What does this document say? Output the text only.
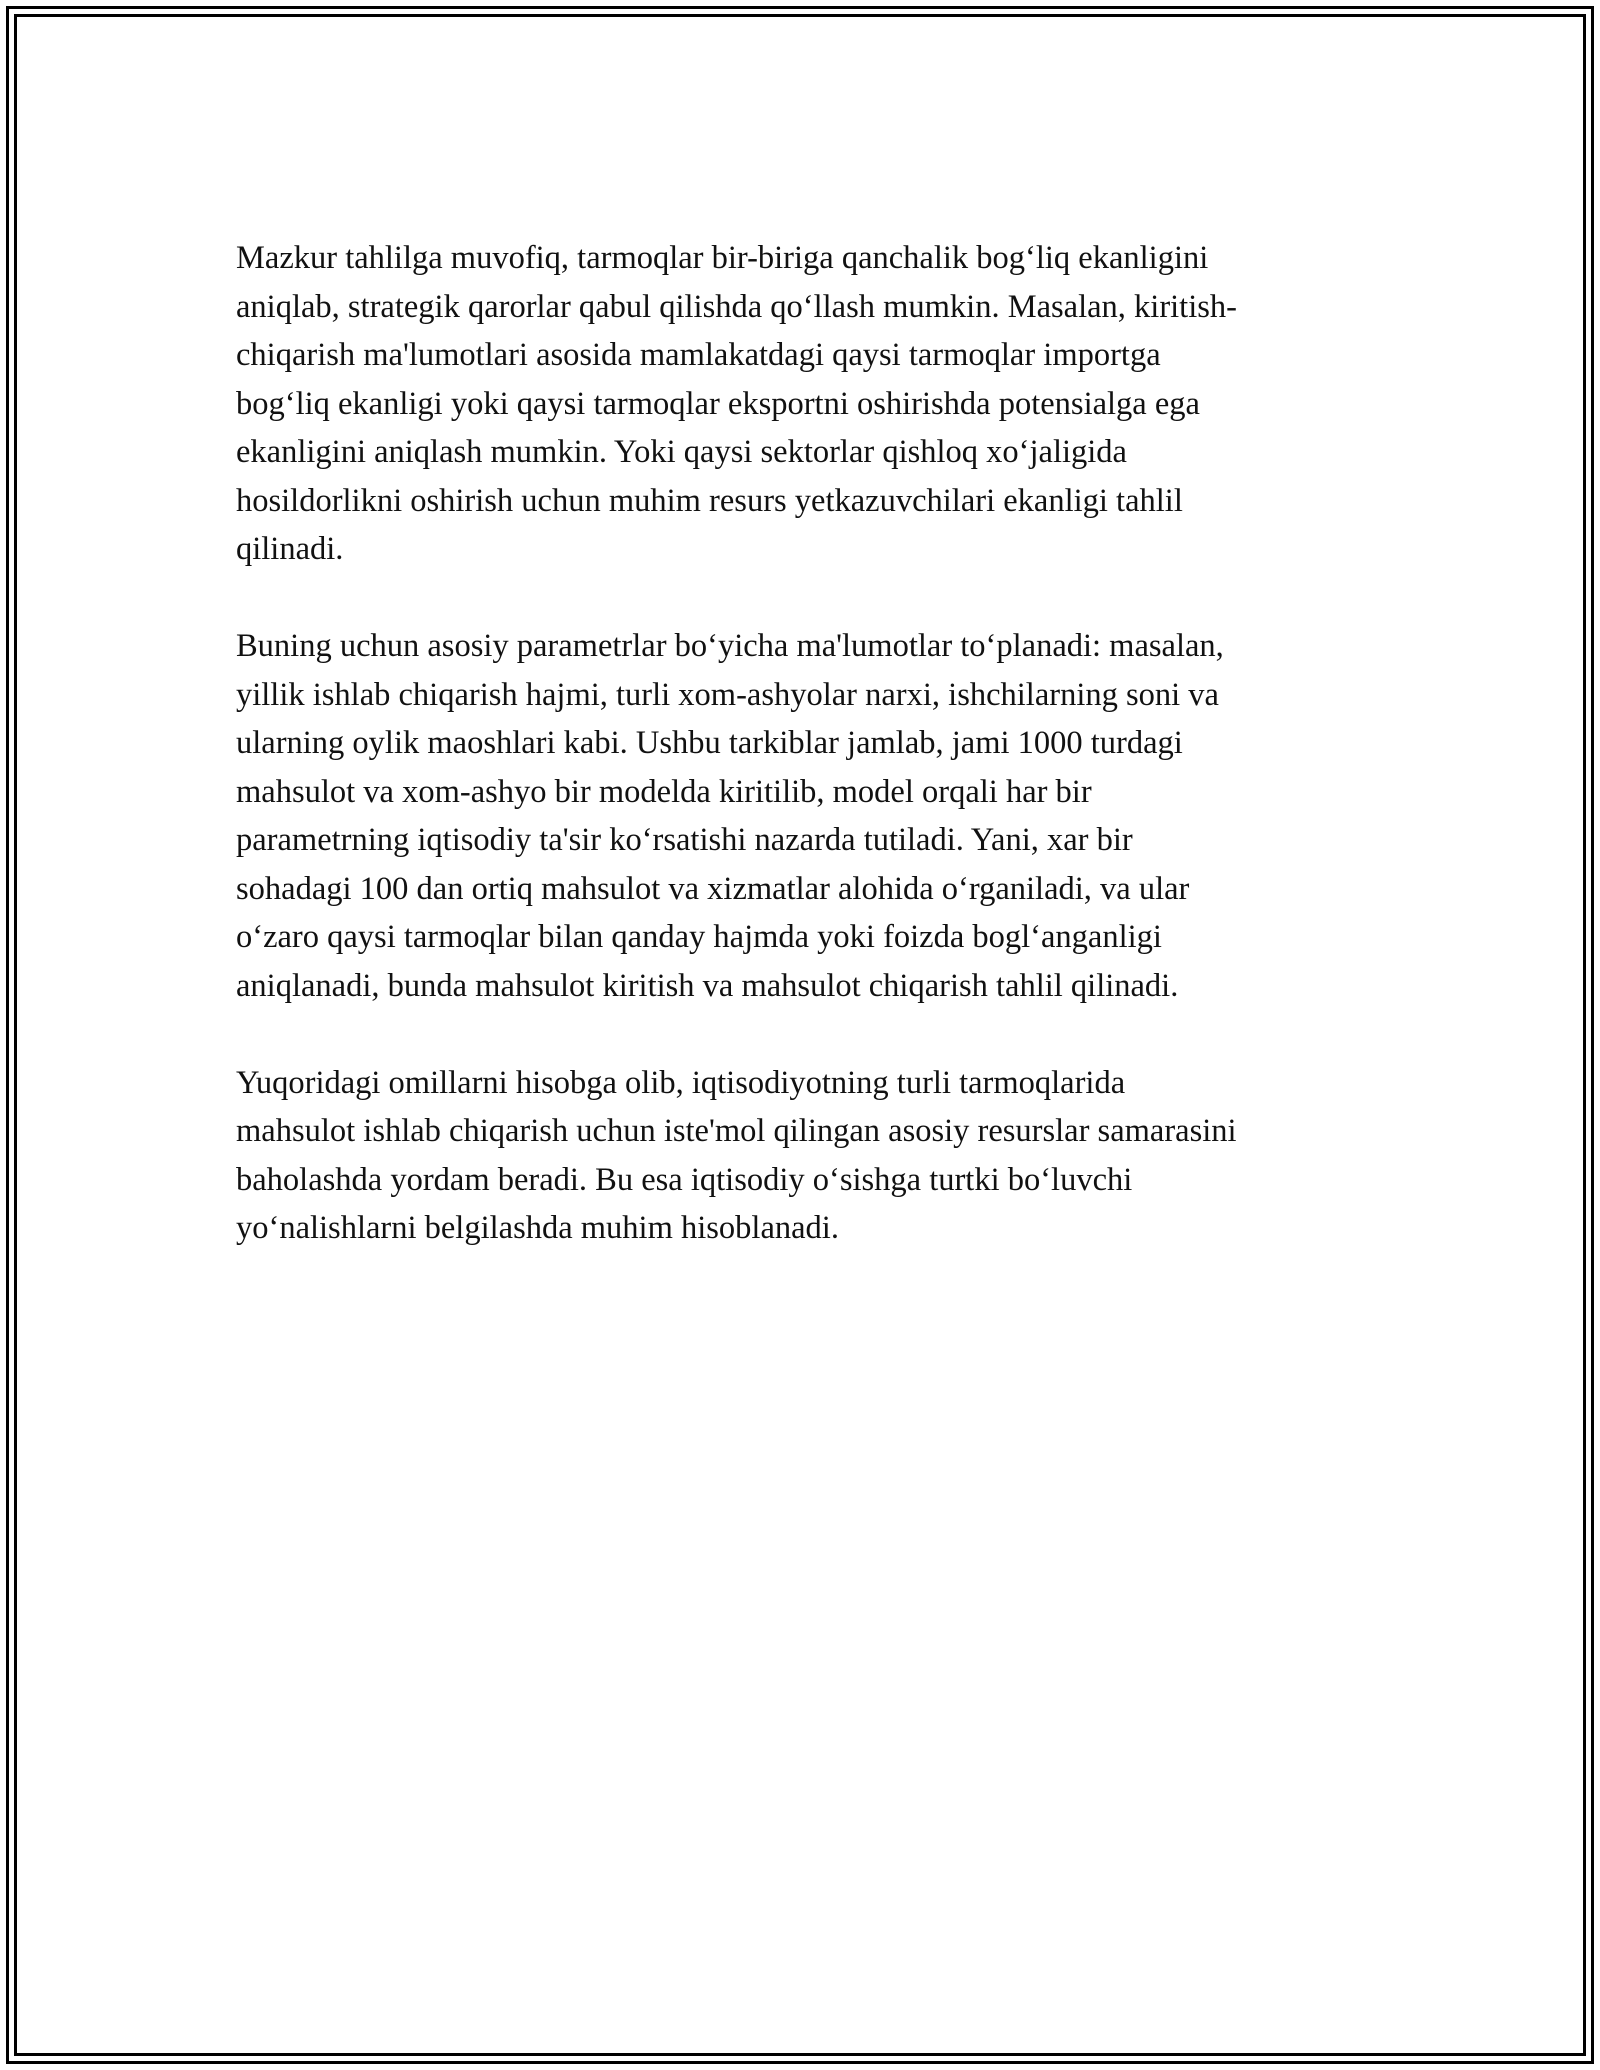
Mazkur tahlilga muvofiq, tarmoqlar bir-biriga qanchalik bog‘liq ekanligini
aniqlab, strategik qarorlar qabul qilishda qo‘llash mumkin. Masalan, kiritish-
chiqarish ma'lumotlari asosida mamlakatdagi qaysi tarmoqlar importga
bog‘liq ekanligi yoki qaysi tarmoqlar eksportni oshirishda potensialga ega
ekanligini aniqlash mumkin. Yoki qaysi sektorlar qishloq xo‘jaligida
hosildorlikni oshirish uchun muhim resurs yetkazuvchilari ekanligi tahlil
qilinadi.

Buning uchun asosiy parametrlar bo‘yicha ma'lumotlar to‘planadi: masalan,
yillik ishlab chiqarish hajmi, turli xom-ashyolar narxi, ishchilarning soni va
ularning oylik maoshlari kabi. Ushbu tarkiblar jamlab, jami 1000 turdagi
mahsulot va xom-ashyo bir modelda kiritilib, model orqali har bir
parametrning iqtisodiy ta'sir ko‘rsatishi nazarda tutiladi. Yani, xar bir
sohadagi 100 dan ortiq mahsulot va xizmatlar alohida o‘rganiladi, va ular
o‘zaro qaysi tarmoqlar bilan qanday hajmda yoki foizda bogl‘anganligi
aniqlanadi, bunda mahsulot kiritish va mahsulot chiqarish tahlil qilinadi.

Yuqoridagi omillarni hisobga olib, iqtisodiyotning turli tarmoqlarida
mahsulot ishlab chiqarish uchun iste'mol qilingan asosiy resurslar samarasini
baholashda yordam beradi. Bu esa iqtisodiy o‘sishga turtki bo‘luvchi
yo‘nalishlarni belgilashda muhim hisoblanadi.
